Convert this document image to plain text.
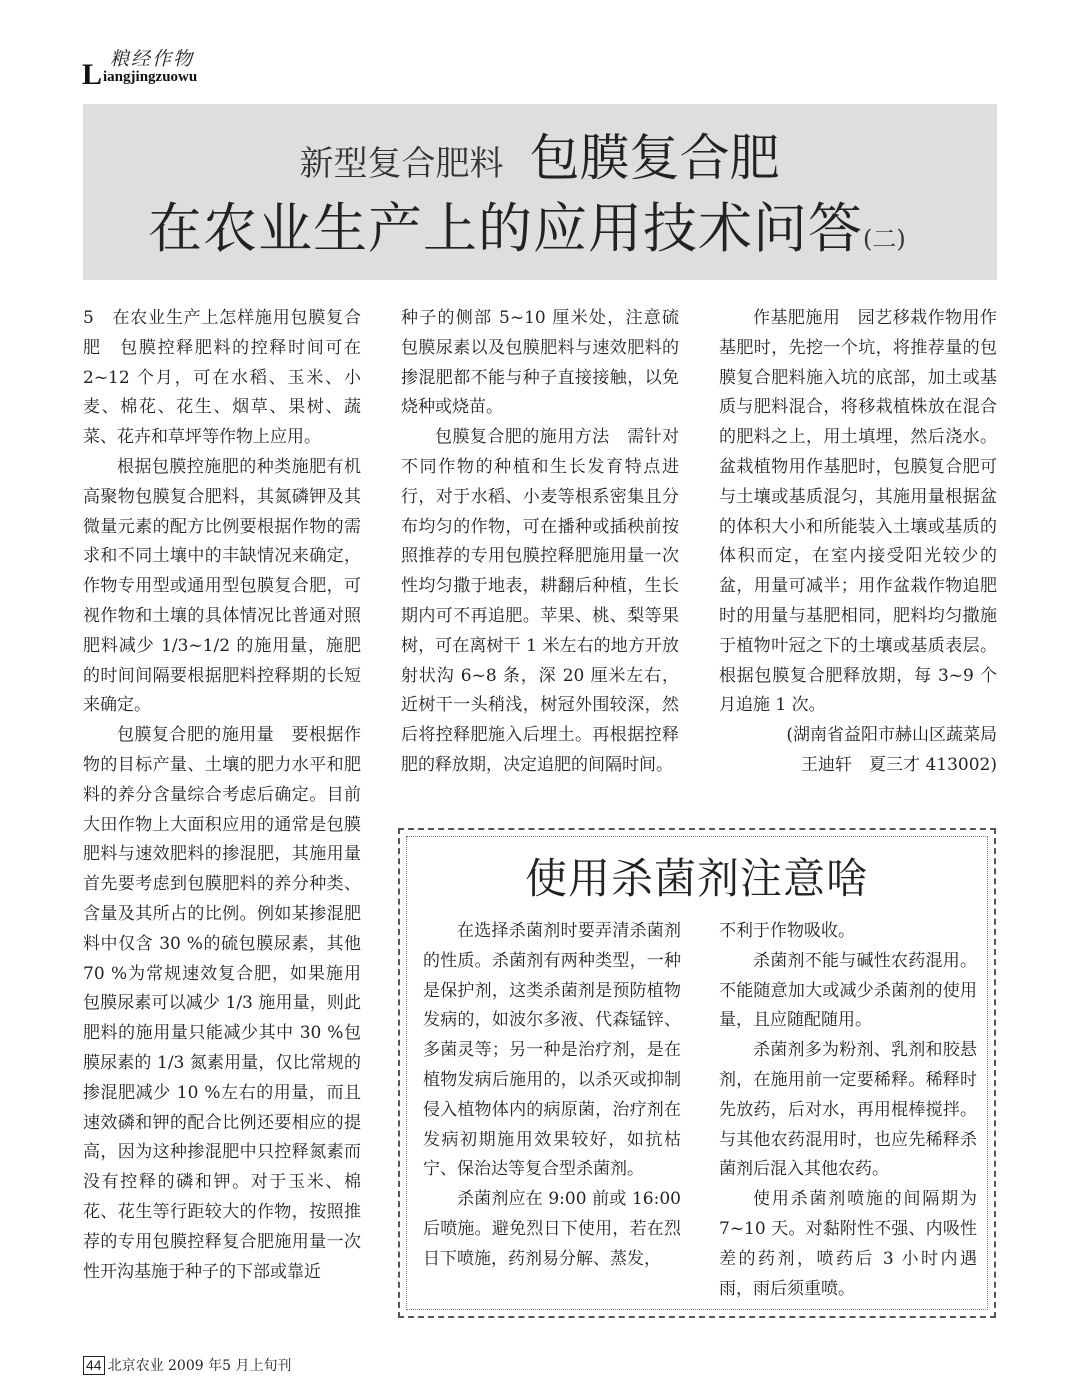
粮经作物
Liangjingzuowu
新型复合肥料 包膜复合肥
在农业生产上的应用技术问答(二)

5　在农业生产上怎样施用包膜复合肥　包膜控释肥料的控释时间可在 2~12 个月，可在水稻、玉米、小麦、棉花、花生、烟草、果树、蔬菜、花卉和草坪等作物上应用。

根据包膜控施肥的种类施肥有机高聚物包膜复合肥料，其氮磷钾及其微量元素的配方比例要根据作物的需求和不同土壤中的丰缺情况来确定，作物专用型或通用型包膜复合肥，可视作物和土壤的具体情况比普通对照肥料减少 1/3~1/2 的施用量，施肥的时间间隔要根据肥料控释期的长短来确定。

包膜复合肥的施用量　要根据作物的目标产量、土壤的肥力水平和肥料的养分含量综合考虑后确定。目前大田作物上大面积应用的通常是包膜肥料与速效肥料的掺混肥，其施用量首先要考虑到包膜肥料的养分种类、含量及其所占的比例。例如某掺混肥料中仅含 30 %的硫包膜尿素，其他 70 %为常规速效复合肥，如果施用包膜尿素可以减少 1/3 施用量，则此肥料的施用量只能减少其中 30 %包膜尿素的 1/3 氮素用量，仅比常规的掺混肥减少 10 %左右的用量，而且速效磷和钾的配合比例还要相应的提高，因为这种掺混肥中只控释氮素而没有控释的磷和钾。对于玉米、棉花、花生等行距较大的作物，按照推荐的专用包膜控释复合肥施用量一次性开沟基施于种子的下部或靠近

种子的侧部 5~10 厘米处，注意硫包膜尿素以及包膜肥料与速效肥料的掺混肥都不能与种子直接接触，以免烧种或烧苗。

包膜复合肥的施用方法　需针对不同作物的种植和生长发育特点进行，对于水稻、小麦等根系密集且分布均匀的作物，可在播种或插秧前按照推荐的专用包膜控释肥施用量一次性均匀撒于地表，耕翻后种植，生长期内可不再追肥。苹果、桃、梨等果树，可在离树干 1 米左右的地方开放射状沟 6~8 条，深 20 厘米左右，近树干一头稍浅，树冠外围较深，然后将控释肥施入后埋土。再根据控释肥的释放期，决定追肥的间隔时间。

作基肥施用　园艺移栽作物用作基肥时，先挖一个坑，将推荐量的包膜复合肥料施入坑的底部，加土或基质与肥料混合，将移栽植株放在混合的肥料之上，用土填埋，然后浇水。盆栽植物用作基肥时，包膜复合肥可与土壤或基质混匀，其施用量根据盆的体积大小和所能装入土壤或基质的体积而定，在室内接受阳光较少的盆，用量可减半；用作盆栽作物追肥时的用量与基肥相同，肥料均匀撒施于植物叶冠之下的土壤或基质表层。根据包膜复合肥释放期，每 3~9 个月追施 1 次。

(湖南省益阳市赫山区蔬菜局

王迪轩　夏三才 413002)

使用杀菌剂注意啥

在选择杀菌剂时要弄清杀菌剂的性质。杀菌剂有两种类型，一种是保护剂，这类杀菌剂是预防植物发病的，如波尔多液、代森锰锌、多菌灵等；另一种是治疗剂，是在植物发病后施用的，以杀灭或抑制侵入植物体内的病原菌，治疗剂在发病初期施用效果较好，如抗枯宁、保治达等复合型杀菌剂。

杀菌剂应在 9:00 前或 16:00 后喷施。避免烈日下使用，若在烈日下喷施，药剂易分解、蒸发，

不利于作物吸收。

杀菌剂不能与碱性农药混用。不能随意加大或减少杀菌剂的使用量，且应随配随用。

杀菌剂多为粉剂、乳剂和胶悬剂，在施用前一定要稀释。稀释时先放药，后对水，再用棍棒搅拌。与其他农药混用时，也应先稀释杀菌剂后混入其他农药。

使用杀菌剂喷施的间隔期为 7~10 天。对黏附性不强、内吸性差的药剂，喷药后 3 小时内遇雨，雨后须重喷。

44 北京农业 2009 年5 月上旬刊
